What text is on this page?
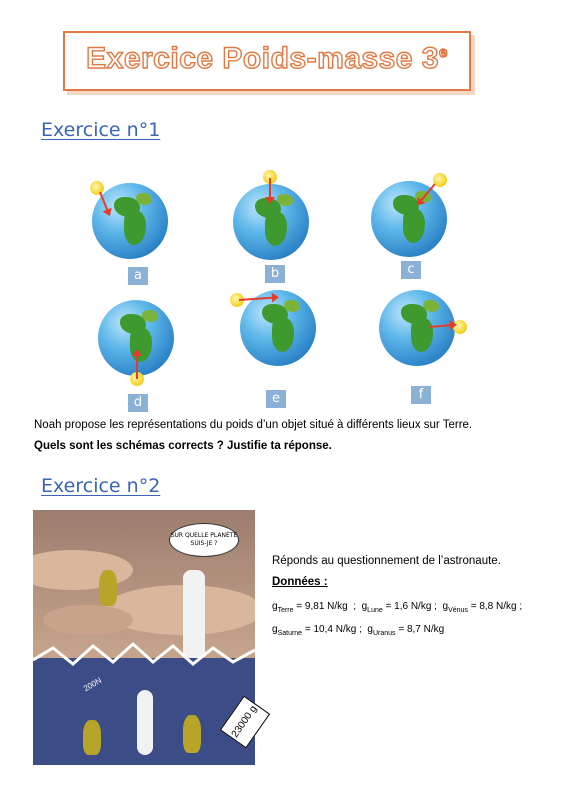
Exercice Poids-masse 3e
Exercice n°1
a	b	c
d	e	f
Noah propose les représentations du poids d’un objet situé à différents lieux sur Terre.
Quels sont les schémas corrects ? Justifie ta réponse.
Exercice n°2
SUR QUELLE PLANÈTE SUIS-JE ?
200N
23000 g
Réponds au questionnement de l’astronaute.
Données :
$g_{Terre} = 9,81$ N/kg  ;  $g_{Lune} = 1,6$ N/kg ;  $g_{Vénus} = 8,8$ N/kg ;
$g_{Saturne} = 10,4$ N/kg ;  $g_{Uranus} = 8,7$ N/kg
